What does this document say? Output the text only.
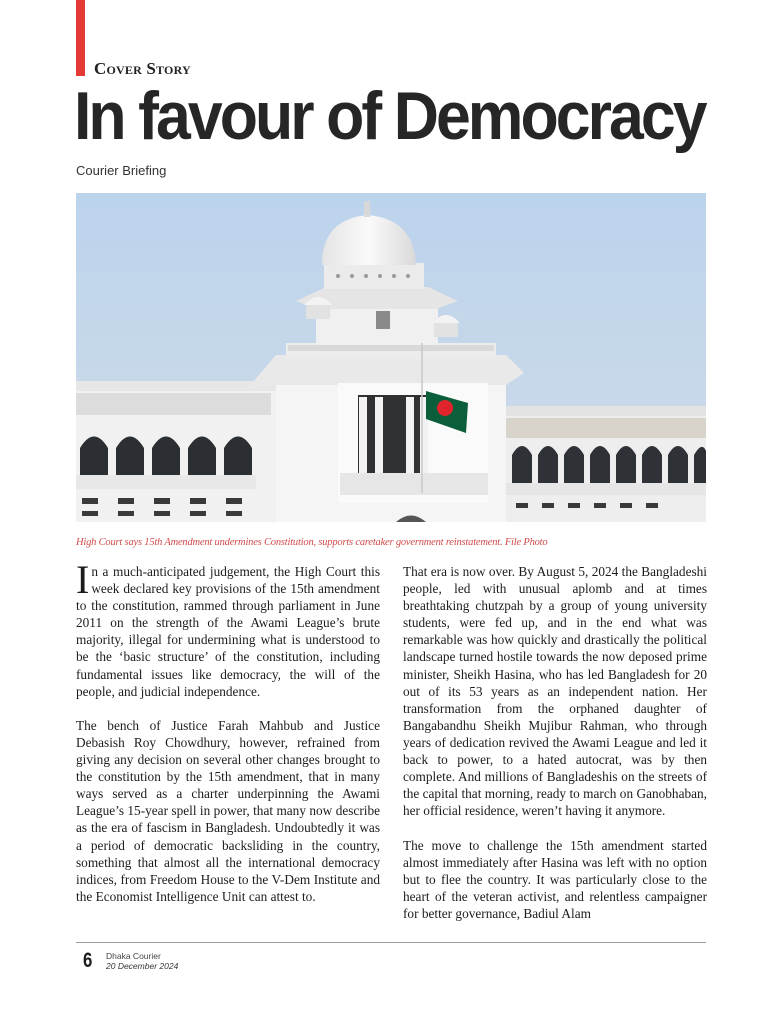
Cover Story
In favour of Democracy
Courier Briefing
High Court says 15th Amendment undermines Constitution, supports caretaker government reinstatement. File Photo

In a much-anticipated judgement, the High Court this week declared key provisions of the 15th amendment to the constitution, rammed through parliament in June 2011 on the strength of the Awami League’s brute majority, illegal for undermining what is understood to be the ‘basic structure’ of the constitution, including fundamental issues like democracy, the will of the people, and judicial independence.

The bench of Justice Farah Mahbub and Justice Debasish Roy Chowdhury, however, refrained from giving any decision on several other changes brought to the constitution by the 15th amendment, that in many ways served as a charter underpinning the Awami League’s 15-year spell in power, that many now describe as the era of fascism in Bangladesh. Undoubtedly it was a period of democratic backsliding in the country, something that almost all the international democracy indices, from Freedom House to the V-Dem Institute and the Economist Intelligence Unit can attest to.

That era is now over. By August 5, 2024 the Bangladeshi people, led with unusual aplomb and at times breathtaking chutzpah by a group of young university students, were fed up, and in the end what was remarkable was how quickly and drastically the political landscape turned hostile towards the now deposed prime minister, Sheikh Hasina, who has led Bangladesh for 20 out of its 53 years as an independent nation. Her transformation from the orphaned daughter of Bangabandhu Sheikh Mujibur Rahman, who through years of dedication revived the Awami League and led it back to power, to a hated autocrat, was by then complete. And millions of Bangladeshis on the streets of the capital that morning, ready to march on Ganobhaban, her official residence, weren’t having it anymore.

The move to challenge the 15th amendment started almost immediately after Hasina was left with no option but to flee the country. It was particularly close to the heart of the veteran activist, and relentless campaigner for better governance, Badiul Alam

6 Dhaka Courier
20 December 2024
